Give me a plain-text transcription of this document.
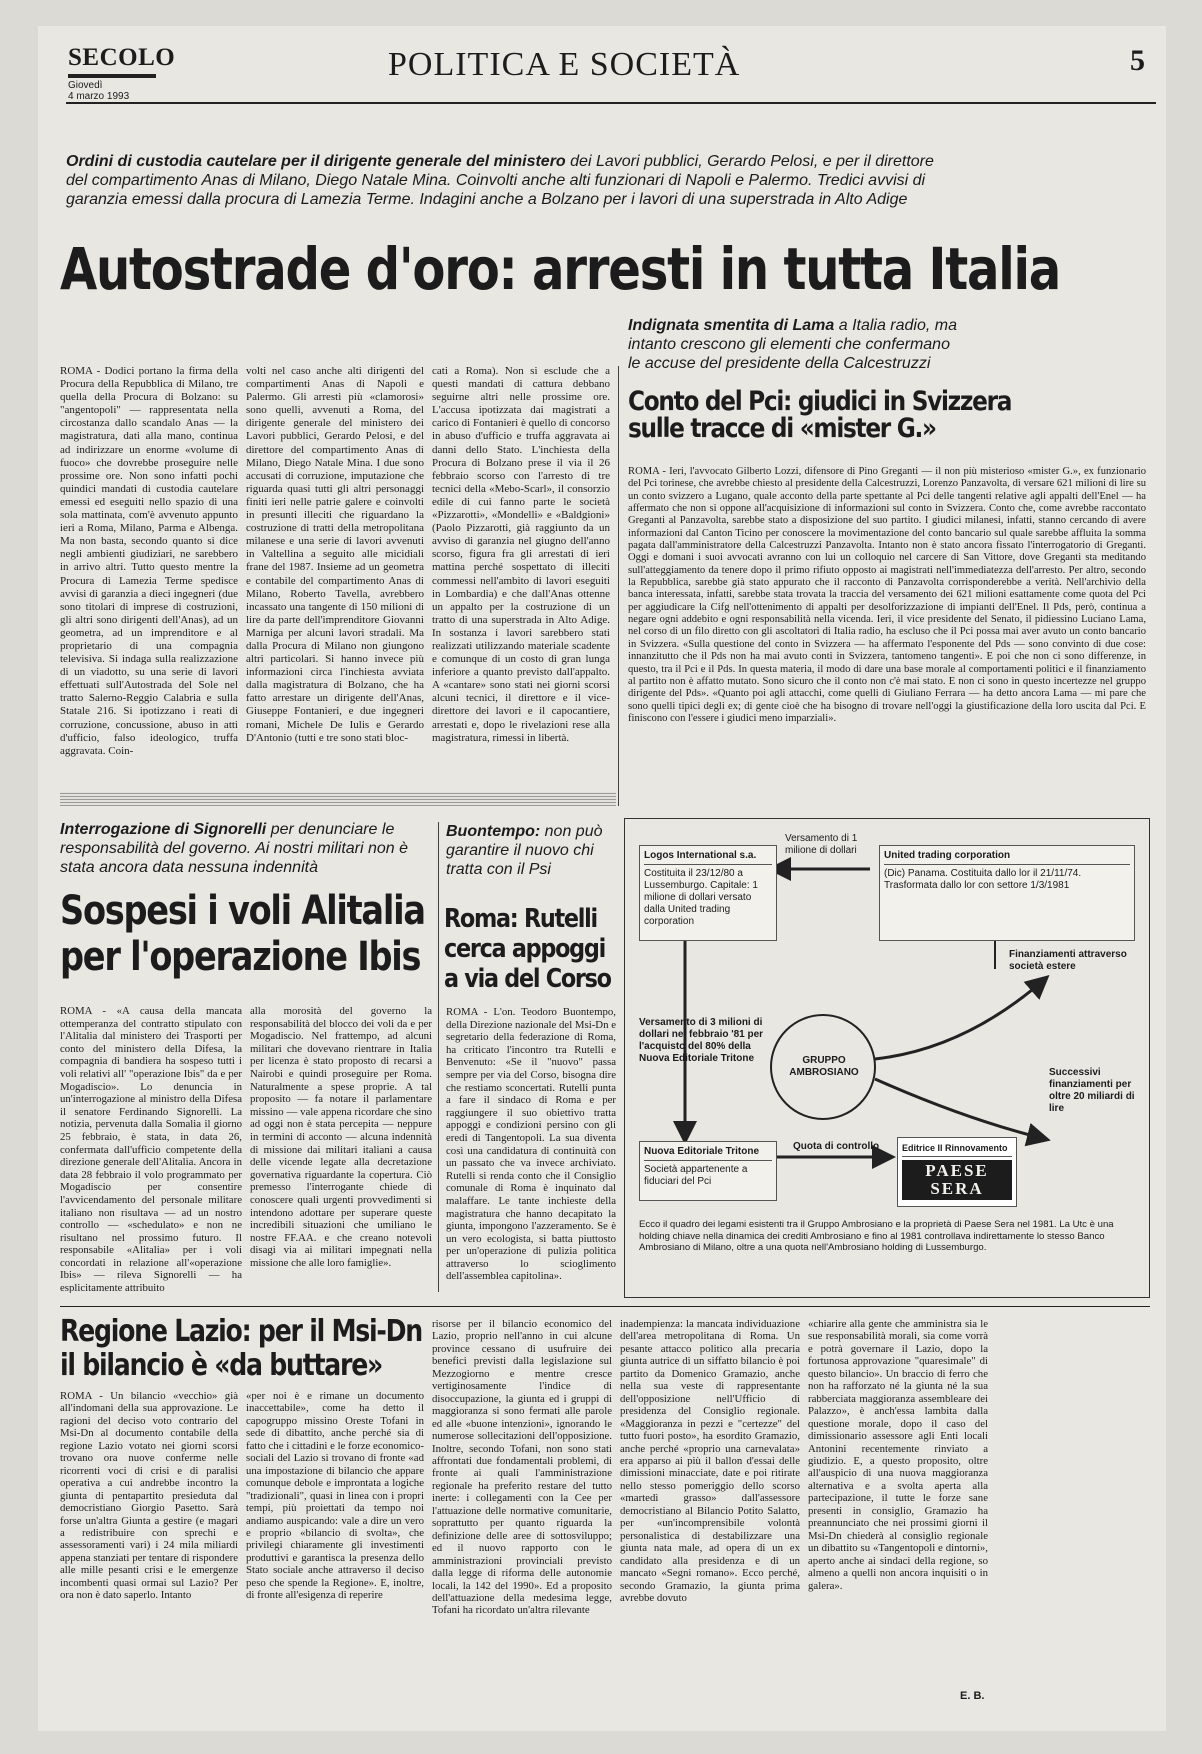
SECOLO
Giovedì
4 marzo 1993
POLITICA E SOCIETÀ	5
Ordini di custodia cautelare per il dirigente generale del ministero dei Lavori pubblici, Gerardo Pelosi, e per il direttore del compartimento Anas di Milano, Diego Natale Mina. Coinvolti anche alti funzionari di Napoli e Palermo. Tredici avvisi di garanzia emessi dalla procura di Lamezia Terme. Indagini anche a Bolzano per i lavori di una superstrada in Alto Adige
Autostrade d'oro: arresti in tutta Italia
ROMA - Dodici portano la firma della Procura della Repubblica di Milano, tre quella della Procura di Bolzano: su "angentopoli" — rappresentata nella circostanza dallo scandalo Anas — la magistratura, dati alla mano, continua ad indirizzare un enorme «volume di fuoco» che dovrebbe proseguire nelle prossime ore. Non sono infatti pochi quindici mandati di custodia cautelare emessi ed eseguiti nello spazio di una sola mattinata, com'è avvenuto appunto ieri a Roma, Milano, Parma e Albenga. Ma non basta, secondo quanto si dice negli ambienti giudiziari, ne sarebbero in arrivo altri. Tutto questo mentre la Procura di Lamezia Terme spedisce avvisi di garanzia a dieci ingegneri (due sono titolari di imprese di costruzioni, gli altri sono dirigenti dell'Anas), ad un geometra, ad un imprenditore e al proprietario di una compagnia televisiva. Si indaga sulla realizzazione di un viadotto, su una serie di lavori effettuati sull'Autostrada del Sole nel tratto Salerno-Reggio Calabria e sulla Statale 216. Si ipotizzano i reati di corruzione, concussione, abuso in atti d'ufficio, falso ideologico, truffa aggravata. Coin-
volti nel caso anche alti dirigenti del compartimenti Anas di Napoli e Palermo. Gli arresti più «clamorosi» sono quelli, avvenuti a Roma, del dirigente generale del ministero dei Lavori pubblici, Gerardo Pelosi, e del direttore del compartimento Anas di Milano, Diego Natale Mina. I due sono accusati di corruzione, imputazione che riguarda quasi tutti gli altri personaggi finiti ieri nelle patrie galere e coinvolti in presunti illeciti che riguardano la costruzione di tratti della metropolitana milanese e una serie di lavori avvenuti in Valtellina a seguito alle micidiali frane del 1987. Insieme ad un geometra e contabile del compartimento Anas di Milano, Roberto Tavella, avrebbero incassato una tangente di 150 milioni di lire da parte dell'imprenditore Giovanni Marniga per alcuni lavori stradali. Ma dalla Procura di Milano non giungono altri particolari. Si hanno invece più informazioni circa l'inchiesta avviata dalla magistratura di Bolzano, che ha fatto arrestare un dirigente dell'Anas, Giuseppe Fontanieri, e due ingegneri romani, Michele De Iulis e Gerardo D'Antonio (tutti e tre sono stati bloc-
cati a Roma). Non si esclude che a questi mandati di cattura debbano seguirne altri nelle prossime ore. L'accusa ipotizzata dai magistrati a carico di Fontanieri è quello di concorso in abuso d'ufficio e truffa aggravata ai danni dello Stato. L'inchiesta della Procura di Bolzano prese il via il 26 febbraio scorso con l'arresto di tre tecnici della «Mebo-Scarl», il consorzio edile di cui fanno parte le società «Pizzarotti», «Mondelli» e «Baldgioni» (Paolo Pizzarotti, già raggiunto da un avviso di garanzia nel giugno dell'anno scorso, figura fra gli arrestati di ieri mattina perché sospettato di illeciti commessi nell'ambito di lavori eseguiti in Lombardia) e che dall'Anas ottenne un appalto per la costruzione di un tratto di una superstrada in Alto Adige. In sostanza i lavori sarebbero stati realizzati utilizzando materiale scadente e comunque di un costo di gran lunga inferiore a quanto previsto dall'appalto. A «cantare» sono stati nei giorni scorsi alcuni tecnici, il direttore e il vice-direttore dei lavori e il capocantiere, arrestati e, dopo le rivelazioni rese alla magistratura, rimessi in libertà.
Indignata smentita di Lama a Italia radio, ma intanto crescono gli elementi che confermano le accuse del presidente della Calcestruzzi
Conto del Pci: giudici in Svizzera
sulle tracce di «mister G.»
ROMA - Ieri, l'avvocato Gilberto Lozzi, difensore di Pino Greganti — il non più misterioso «mister G.», ex funzionario del Pci torinese, che avrebbe chiesto al presidente della Calcestruzzi, Lorenzo Panzavolta, di versare 621 milioni di lire su un conto svizzero a Lugano, quale acconto della parte spettante al Pci delle tangenti relative agli appalti dell'Enel — ha affermato che non si oppone all'acquisizione di informazioni sul conto in Svizzera. Conto che, come avrebbe raccontato Greganti al Panzavolta, sarebbe stato a disposizione del suo partito. I giudici milanesi, infatti, stanno cercando di avere informazioni dal Canton Ticino per conoscere la movimentazione del conto bancario sul quale sarebbe affluita la somma pagata dall'amministratore della Calcestruzzi Panzavolta. Intanto non è stato ancora fissato l'interrogatorio di Greganti. Oggi e domani i suoi avvocati avranno con lui un colloquio nel carcere di San Vittore, dove Greganti sta meditando sull'atteggiamento da tenere dopo il primo rifiuto opposto ai magistrati nell'immediatezza dell'arresto. Per altro, secondo la Repubblica, sarebbe già stato appurato che il racconto di Panzavolta corrisponderebbe a verità. Nell'archivio della banca interessata, infatti, sarebbe stata trovata la traccia del versamento dei 621 milioni esattamente come quota del Pci per aggiudicare la Cifg nell'ottenimento di appalti per desolforizzazione di impianti dell'Enel. Il Pds, però, continua a negare ogni addebito e ogni responsabilità nella vicenda. Ieri, il vice presidente del Senato, il pidiessino Luciano Lama, nel corso di un filo diretto con gli ascoltatori di Italia radio, ha escluso che il Pci possa mai aver avuto un conto bancario in Svizzera. «Sulla questione del conto in Svizzera — ha affermato l'esponente del Pds — sono convinto di due cose: innanzitutto che il Pds non ha mai avuto conti in Svizzera, tantomeno tangenti». E poi che non ci sono differenze, in questo, tra il Pci e il Pds. In questa materia, il modo di dare una base morale al comportamenti politici e il finanziamento al partito non è affatto mutato. Sono sicuro che il conto non c'è mai stato. E non ci sono in questo incertezze nel gruppo dirigente del Pds». «Quanto poi agli attacchi, come quelli di Giuliano Ferrara — ha detto ancora Lama — mi pare che sono quelli tipici degli ex; di gente cioè che ha bisogno di trovare nell'oggi la giustificazione della loro uscita dal Pci. E finiscono con l'essere i giudici meno imparziali».
Interrogazione di Signorelli per denunciare le responsabilità del governo. Ai nostri militari non è stata ancora data nessuna indennità
Sospesi i voli Alitalia
per l'operazione Ibis
ROMA - «A causa della mancata ottemperanza del contratto stipulato con l'Alitalia dal ministero dei Trasporti per conto del ministero della Difesa, la compagnia di bandiera ha sospeso tutti i voli relativi all' "operazione Ibis" da e per Mogadiscio». Lo denuncia in un'interrogazione al ministro della Difesa il senatore Ferdinando Signorelli. La notizia, pervenuta dalla Somalia il giorno 25 febbraio, è stata, in data 26, confermata dall'ufficio competente della direzione generale dell'Alitalia. Ancora in data 28 febbraio il volo programmato per Mogadiscio per consentire l'avvicendamento del personale militare italiano non risultava — ad un nostro controllo — «schedulato» e non ne risultano nel prossimo futuro. Il responsabile «Alitalia» per i voli concordati in relazione all'«operazione Ibis» — rileva Signorelli — ha esplicitamente attribuito
alla morosità del governo la responsabilità del blocco dei voli da e per Mogadiscio. Nel frattempo, ad alcuni militari che dovevano rientrare in Italia per licenza è stato proposto di recarsi a Nairobi e quindi proseguire per Roma. Naturalmente a spese proprie. A tal proposito — fa notare il parlamentare missino — vale appena ricordare che sino ad oggi non è stata percepita — neppure in termini di acconto — alcuna indennità di missione dai militari italiani a causa delle vicende legate alla decretazione governativa riguardante la copertura. Ciò premesso l'interrogante chiede di conoscere quali urgenti provvedimenti si intendono adottare per superare queste incredibili situazioni che umiliano le nostre FF.AA. e che creano notevoli disagi via ai militari impegnati nella missione che alle loro famiglie».
Buontempo: non può garantire il nuovo chi tratta con il Psi
Roma: Rutelli
cerca appoggi
a via del Corso
ROMA - L'on. Teodoro Buontempo, della Direzione nazionale del Msi-Dn e segretario della federazione di Roma, ha criticato l'incontro tra Rutelli e Benvenuto: «Se il "nuovo" passa sempre per via del Corso, bisogna dire che restiamo sconcertati. Rutelli punta a fare il sindaco di Roma e per raggiungere il suo obiettivo tratta appoggi e condizioni persino con gli eredi di Tangentopoli. La sua diventa così una candidatura di continuità con un passato che va invece archiviato. Rutelli si renda conto che il Consiglio comunale di Roma è inquinato dal malaffare. Le tante inchieste della magistratura che hanno decapitato la giunta, impongono l'azzeramento. Se è un vero ecologista, si batta piuttosto per un'operazione di pulizia politica attraverso lo scioglimento dell'assemblea capitolina».
Logos International s.a.
Costituita il 23/12/80 a Lussemburgo. Capitale: 1 milione di dollari versato dalla United trading corporation
Versamento di 1 milione di dollari	United trading corporation
(Dic) Panama. Costituita dallo lor il 21/11/74. Trasformata dallo lor con settore 1/3/1981
Finanziamenti attraverso società estere
Versamento di 3 milioni di dollari nel febbraio '81 per l'acquisto del 80% della Nuova Editoriale Tritone	GRUPPO AMBROSIANO	Successivi finanziamenti per oltre 20 miliardi di lire
Nuova Editoriale Tritone
Società appartenente a fiduciari del Pci
Quota di controllo	Editrice Il Rinnovamento
PAESE
SERA
Ecco il quadro dei legami esistenti tra il Gruppo Ambrosiano e la proprietà di Paese Sera nel 1981. La Utc è una holding chiave nella dinamica dei crediti Ambrosiano e fino al 1981 controllava indirettamente lo stesso Banco Ambrosiano di Milano, oltre a una quota nell'Ambrosiano holding di Lussemburgo.
Regione Lazio: per il Msi-Dn
il bilancio è «da buttare»
ROMA - Un bilancio «vecchio» già all'indomani della sua approvazione. Le ragioni del deciso voto contrario del Msi-Dn al documento contabile della regione Lazio votato nei giorni scorsi trovano ora nuove conferme nelle ricorrenti voci di crisi e di paralisi operativa a cui andrebbe incontro la giunta di pentapartito presieduta dal democristiano Giorgio Pasetto. Sarà forse un'altra Giunta a gestire (e magari a redistribuire con sprechi e assessoramenti vari) i 24 mila miliardi appena stanziati per tentare di rispondere alle mille pesanti crisi e le emergenze incombenti quasi ormai sul Lazio? Per ora non è dato saperlo. Intanto
«per noi è e rimane un documento inaccettabile», come ha detto il capogruppo missino Oreste Tofani in sede di dibattito, anche perché sia di fatto che i cittadini e le forze economico-sociali del Lazio si trovano di fronte «ad una impostazione di bilancio che appare comunque debole e improntata a logiche "tradizionali", quasi in linea con i propri tempi, più proiettati da tempo noi andiamo auspicando: vale a dire un vero e proprio «bilancio di svolta», che privilegi chiaramente gli investimenti produttivi e garantisca la presenza dello Stato sociale anche attraverso il deciso peso che spende la Regione». E, inoltre, di fronte all'esigenza di reperire
risorse per il bilancio economico del Lazio, proprio nell'anno in cui alcune province cessano di usufruire dei benefici previsti dalla legislazione sul Mezzogiorno e mentre cresce vertiginosamente l'indice di disoccupazione, la giunta ed i gruppi di maggioranza si sono fermati alle parole ed alle «buone intenzioni», ignorando le numerose sollecitazioni dell'opposizione. Inoltre, secondo Tofani, non sono stati affrontati due fondamentali problemi, di fronte ai quali l'amministrazione regionale ha preferito restare del tutto inerte: i collegamenti con la Cee per l'attuazione delle normative comunitarie, soprattutto per quanto riguarda la definizione delle aree di sottosviluppo; ed il nuovo rapporto con le amministrazioni provinciali previsto dalla legge di riforma delle autonomie locali, la 142 del 1990». Ed a proposito dell'attuazione della medesima legge, Tofani ha ricordato un'altra rilevante
inadempienza: la mancata individuazione dell'area metropolitana di Roma. Un pesante attacco politico alla precaria giunta autrice di un siffatto bilancio è poi partito da Domenico Gramazio, anche nella sua veste di rappresentante dell'opposizione nell'Ufficio di presidenza del Consiglio regionale. «Maggioranza in pezzi e "certezze" del tutto fuori posto», ha esordito Gramazio, anche perché «proprio una carnevalata» era apparso ai più il ballon d'essai delle dimissioni minacciate, date e poi ritirate nello stesso pomeriggio dello scorso «martedì grasso» dall'assessore democristiano al Bilancio Potito Salatto, per «un'incomprensibile volontà personalistica di destabilizzare una giunta nata male, ad opera di un ex candidato alla presidenza e di un mancato «Segni romano». Ecco perché, secondo Gramazio, la giunta prima avrebbe dovuto
«chiarire alla gente che amministra sia le sue responsabilità morali, sia come vorrà e potrà governare il Lazio, dopo la fortunosa approvazione "quaresimale" di questo bilancio». Un braccio di ferro che non ha rafforzato né la giunta né la sua rabberciata maggioranza assembleare dei Palazzo», è anch'essa lambita dalla questione morale, dopo il caso del dimissionario assessore agli Enti locali Antonini recentemente rinviato a giudizio. E, a questo proposito, oltre all'auspicio di una nuova maggioranza alternativa e a svolta aperta alla partecipazione, il tutte le forze sane presenti in consiglio, Gramazio ha preannunciato che nei prossimi giorni il Msi-Dn chiederà al consiglio regionale un dibattito su «Tangentopoli e dintorni», aperto anche ai sindaci della regione, so almeno a quelli non ancora inquisiti o in galera».
E. B.
